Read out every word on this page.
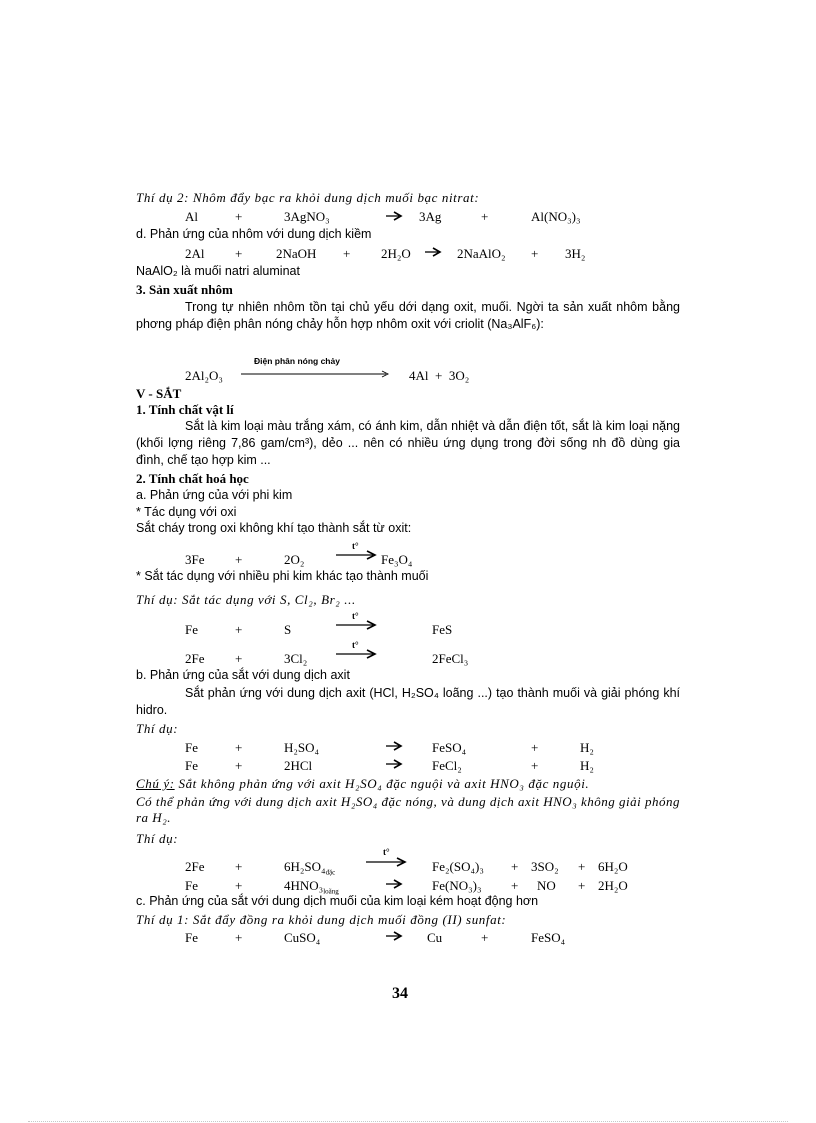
Thí dụ 2: Nhôm đẩy bạc ra khỏi dung dịch muối bạc nitrat:
Al	+	3AgNO₃	→ 3Ag	+	Al(NO₃)₃
d. Phản ứng của nhôm với dung dịch kiềm
2Al +	2NaOH + 2H₂O → 2NaAlO₂ + 3H₂
NaAlO₂ là muối natri aluminat
3. Sản xuất nhôm
Trong tự nhiên nhôm tồn tại chủ yếu dới dạng oxit, muối. Ngời ta sản xuất nhôm bằng phơng pháp điện phân nóng chảy hỗn hợp nhôm oxit với criolit (Na₃AlF₆):
2Al₂O₃
Điện phân nóng chảy
4Al  +  3O₂
V - SẮT
1. Tính chất vật lí
Sắt là kim loại màu trắng xám, có ánh kim, dẫn nhiệt và dẫn điện tốt, sắt là kim loại nặng (khối lợng riêng 7,86 gam/cm³), dẻo ... nên có nhiều ứng dụng trong đời sống nh đồ dùng gia đình, chế tạo hợp kim ...
2. Tính chất hoá học
a. Phản ứng của với phi kim
* Tác dụng với oxi
Sắt cháy trong oxi không khí tạo thành sắt từ oxit:
3Fe +	2O₂
t°
→ Fe₃O₄
* Sắt tác dụng với nhiều phi kim khác tạo thành muối
Thí dụ: Sắt tác dụng với S, Cl₂, Br₂ ...
Fe	+	S
t°
FeS
2Fe +	3Cl₂
t°
2FeCl₃
b. Phản ứng của sắt với dung dịch axit
Sắt phản ứng với dung dịch axit (HCl, H₂SO₄ loãng ...) tạo thành muối và giải phóng khí hidro.
Thí dụ:
Fe	+	H₂SO₄	FeSO₄	+	H₂
Fe	+	2HCl	FeCl₂	+	H₂
Chú ý: Sắt không phản ứng với axit H₂SO₄ đặc nguội và axit HNO₃ đặc nguội.
Có thể phản ứng với dung dịch axit H₂SO₄ đặc nóng, và dung dịch axit HNO₃ không giải phóng ra H₂.
Thí dụ:
2Fe +	$6H_2SO_4_{đặc}$
t°
Fe₂(SO₄)₃ + 3SO₂ + 6H₂O
Fe	+	$4HNO_3_{loãng}$	Fe(NO₃)₃ + NO + 2H₂O
c. Phản ứng của sắt với dung dịch muối của kim loại kém hoạt động hơn
Thí dụ 1: Sắt đẩy đồng ra khỏi dung dịch muối đồng (II) sunfat:
Fe	+	CuSO₄	→ Cu	+	FeSO₄
34
